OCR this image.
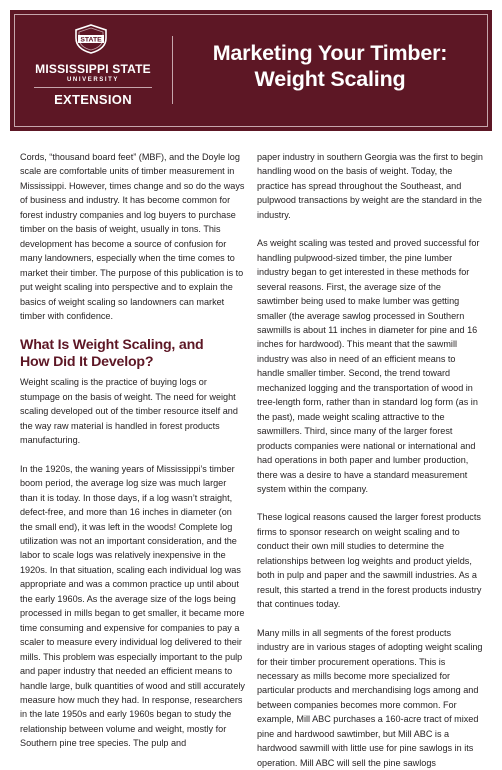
STATE
MISSISSIPPI STATE
UNIVERSITY
EXTENSION
Marketing Your Timber:
Weight Scaling

Cords, “thousand board feet” (MBF), and the Doyle log scale are comfortable units of timber measurement in Mississippi. However, times change and so do the ways of business and industry. It has become common for forest industry companies and log buyers to purchase timber on the basis of weight, usually in tons. This development has become a source of confusion for many landowners, especially when the time comes to market their timber. The purpose of this publication is to put weight scaling into perspective and to explain the basics of weight scaling so landowners can market timber with confidence.

What Is Weight Scaling, and
How Did It Develop?

Weight scaling is the practice of buying logs or stumpage on the basis of weight. The need for weight scaling developed out of the timber resource itself and the way raw material is handled in forest products manufacturing.

In the 1920s, the waning years of Mississippi’s timber boom period, the average log size was much larger than it is today. In those days, if a log wasn’t straight, defect-free, and more than 16 inches in diameter (on the small end), it was left in the woods! Complete log utilization was not an important consideration, and the labor to scale logs was relatively inexpensive in the 1920s. In that situation, scaling each individual log was appropriate and was a common practice up until about the early 1960s. As the average size of the logs being processed in mills began to get smaller, it became more time consuming and expensive for companies to pay a scaler to measure every individual log delivered to their mills. This problem was especially important to the pulp and paper industry that needed an efficient means to handle large, bulk quantities of wood and still accurately measure how much they had. In response, researchers in the late 1950s and early 1960s began to study the relationship between volume and weight, mostly for Southern pine tree species. The pulp and

paper industry in southern Georgia was the first to begin handling wood on the basis of weight. Today, the practice has spread throughout the Southeast, and pulpwood transactions by weight are the standard in the industry.

As weight scaling was tested and proved successful for handling pulpwood-sized timber, the pine lumber industry began to get interested in these methods for several reasons. First, the average size of the sawtimber being used to make lumber was getting smaller (the average sawlog processed in Southern sawmills is about 11 inches in diameter for pine and 16 inches for hardwood). This meant that the sawmill industry was also in need of an efficient means to handle smaller timber. Second, the trend toward mechanized logging and the transportation of wood in tree-length form, rather than in standard log form (as in the past), made weight scaling attractive to the sawmillers. Third, since many of the larger forest products companies were national or international and had operations in both paper and lumber production, there was a desire to have a standard measurement system within the company.

These logical reasons caused the larger forest products firms to sponsor research on weight scaling and to conduct their own mill studies to determine the relationships between log weights and product yields, both in pulp and paper and the sawmill industries. As a result, this started a trend in the forest products industry that continues today.

Many mills in all segments of the forest products industry are in various stages of adopting weight scaling for their timber procurement operations. This is necessary as mills become more specialized for particular products and merchandising logs among and between companies becomes more common. For example, Mill ABC purchases a 160-acre tract of mixed pine and hardwood sawtimber, but Mill ABC is a hardwood sawmill with little use for pine sawlogs in its operation. Mill ABC will sell the pine sawlogs
